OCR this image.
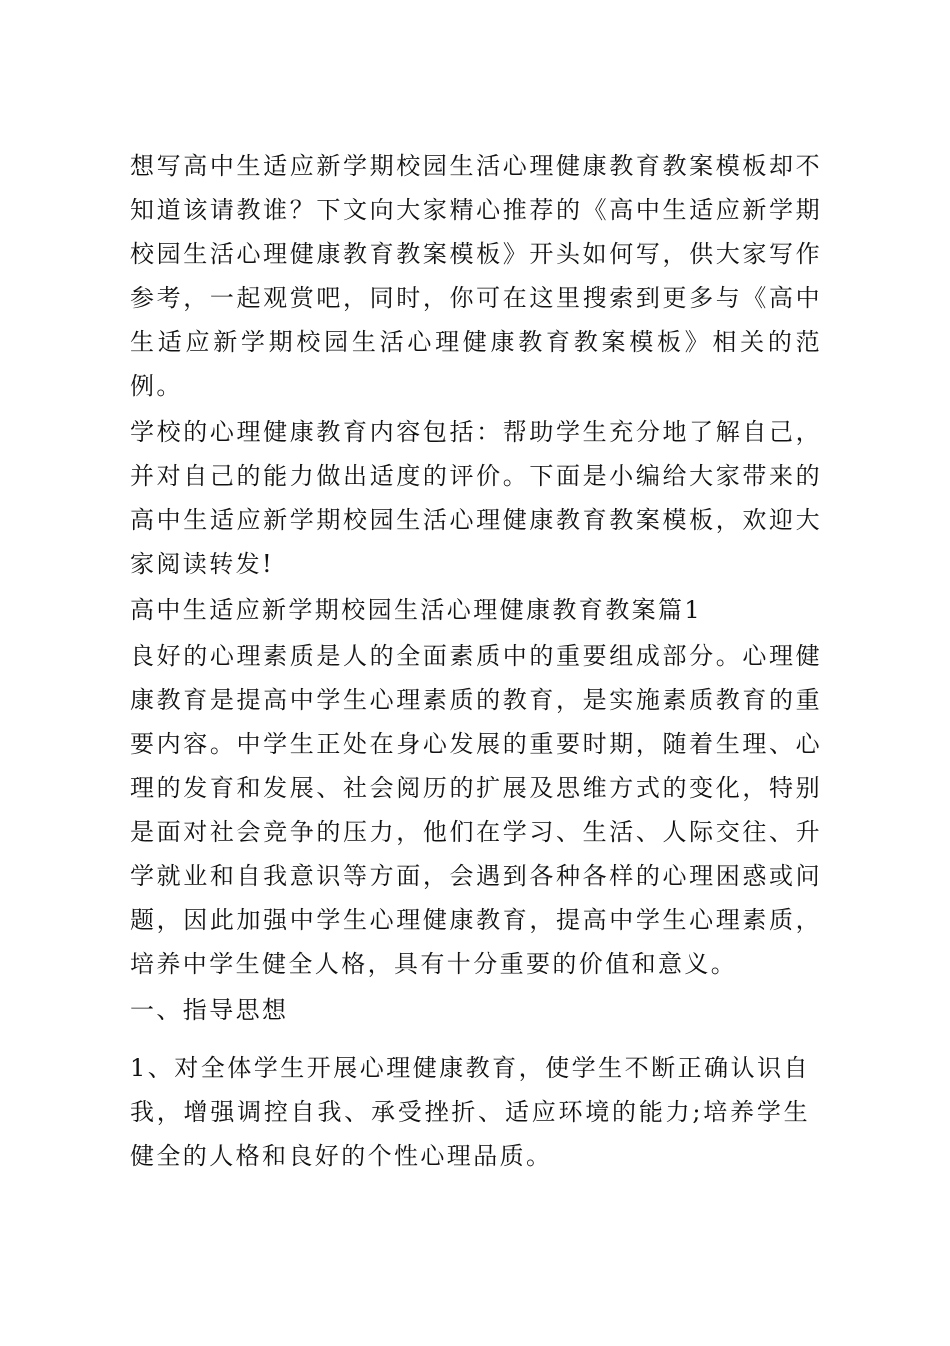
想写高中生适应新学期校园生活心理健康教育教案模板却不知道该请教谁？下文向大家精心推荐的《高中生适应新学期校园生活心理健康教育教案模板》开头如何写，供大家写作参考，一起观赏吧，同时，你可在这里搜索到更多与《高中生适应新学期校园生活心理健康教育教案模板》相关的范例。

学校的心理健康教育内容包括：帮助学生充分地了解自己，并对自己的能力做出适度的评价。下面是小编给大家带来的高中生适应新学期校园生活心理健康教育教案模板，欢迎大家阅读转发!

高中生适应新学期校园生活心理健康教育教案篇1

良好的心理素质是人的全面素质中的重要组成部分。心理健康教育是提高中学生心理素质的教育，是实施素质教育的重要内容。中学生正处在身心发展的重要时期，随着生理、心理的发育和发展、社会阅历的扩展及思维方式的变化，特别是面对社会竞争的压力，他们在学习、生活、人际交往、升学就业和自我意识等方面，会遇到各种各样的心理困惑或问题，因此加强中学生心理健康教育，提高中学生心理素质，培养中学生健全人格，具有十分重要的价值和意义。

一、指导思想

1、对全体学生开展心理健康教育，使学生不断正确认识自我，增强调控自我、承受挫折、适应环境的能力;培养学生健全的人格和良好的个性心理品质。
